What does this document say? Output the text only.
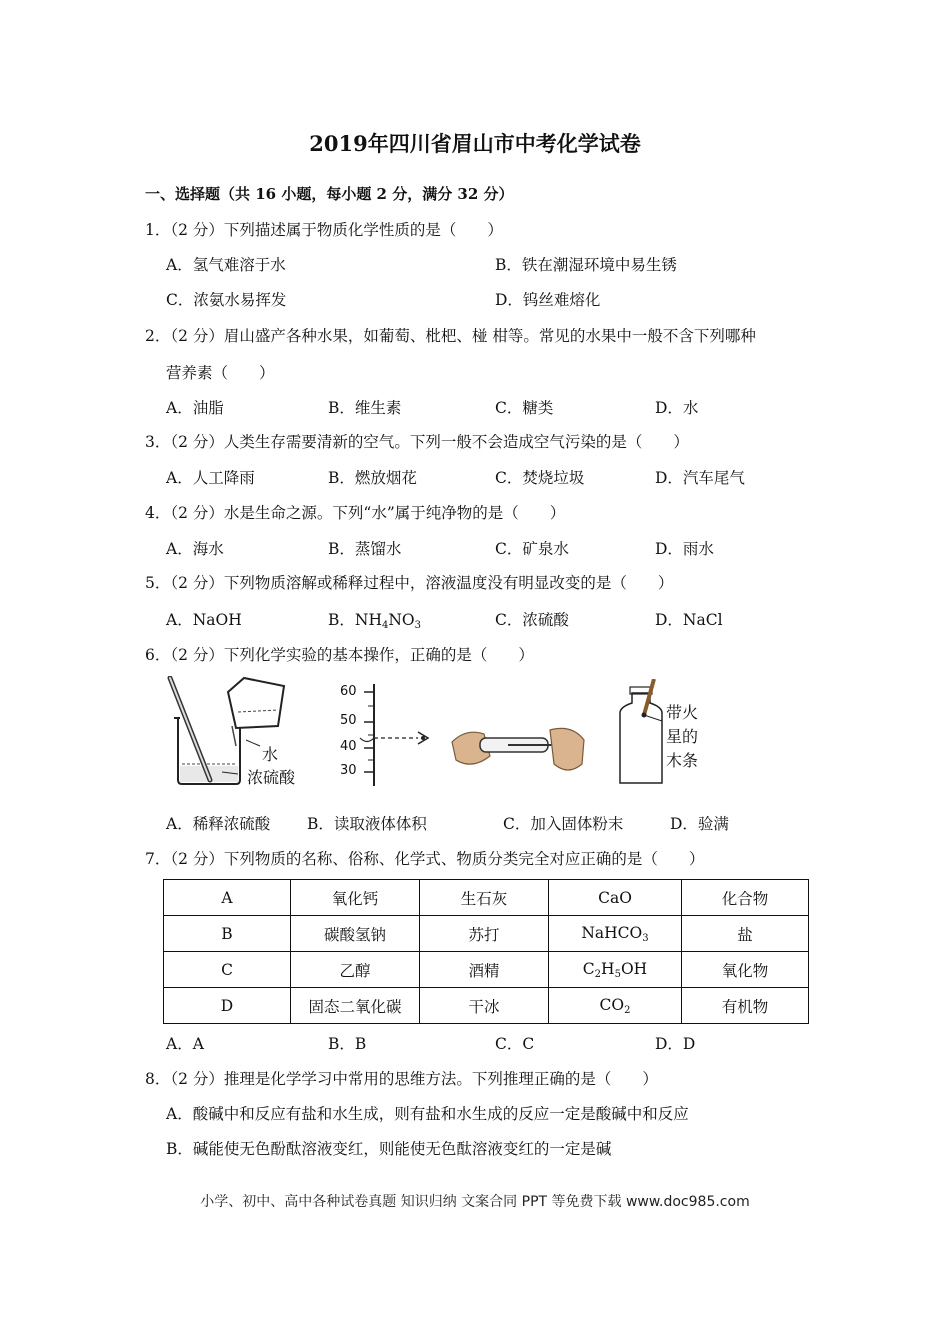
2019年四川省眉山市中考化学试卷
一、选择题（共 16 小题，每小题 2 分，满分 32 分）
1．（2 分）下列描述属于物质化学性质的是（　　）
A．氢气难溶于水	B．铁在潮湿环境中易生锈
C．浓氨水易挥发	D．钨丝难熔化
2．（2 分）眉山盛产各种水果，如葡萄、枇杷、椪 柑等。常见的水果中一般不含下列哪种
营养素（　　）
A．油脂	B．维生素	C．糖类	D．水
3．（2 分）人类生存需要清新的空气。下列一般不会造成空气污染的是（　　）
A．人工降雨	B．燃放烟花	C．焚烧垃圾	D．汽车尾气
4．（2 分）水是生命之源。下列“水”属于纯净物的是（　　）
A．海水	B．蒸馏水	C．矿泉水	D．雨水
5．（2 分）下列物质溶解或稀释过程中，溶液温度没有明显改变的是（　　）
A．NaOH	B．$NH_4NO_3$	C．浓硫酸	D．NaCl
6．（2 分）下列化学实验的基本操作，正确的是（　　）
水
浓硫酸
60
50
40
30
带火
星的
木条
A．稀释浓硫酸 B．读取液体体积	C．加入固体粉末	D．验满
7．（2 分）下列物质的名称、俗称、化学式、物质分类完全对应正确的是（　　）
A	氧化钙	生石灰	CaO	化合物
B	碳酸氢钠	苏打	NaHCO$_3$	盐
C	乙醇	酒精	$C_2H_5OH$	氧化物
D	固态二氧化碳	干冰	$CO_2$	有机物
A．A	B．B	C．C	D．D
8．（2 分）推理是化学学习中常用的思维方法。下列推理正确的是（　　）
A．酸碱中和反应有盐和水生成，则有盐和水生成的反应一定是酸碱中和反应
B．碱能使无色酚酞溶液变红，则能使无色酞溶液变红的一定是碱
小学、初中、高中各种试卷真题 知识归纳 文案合同 PPT 等免费下载 www.doc985.com
